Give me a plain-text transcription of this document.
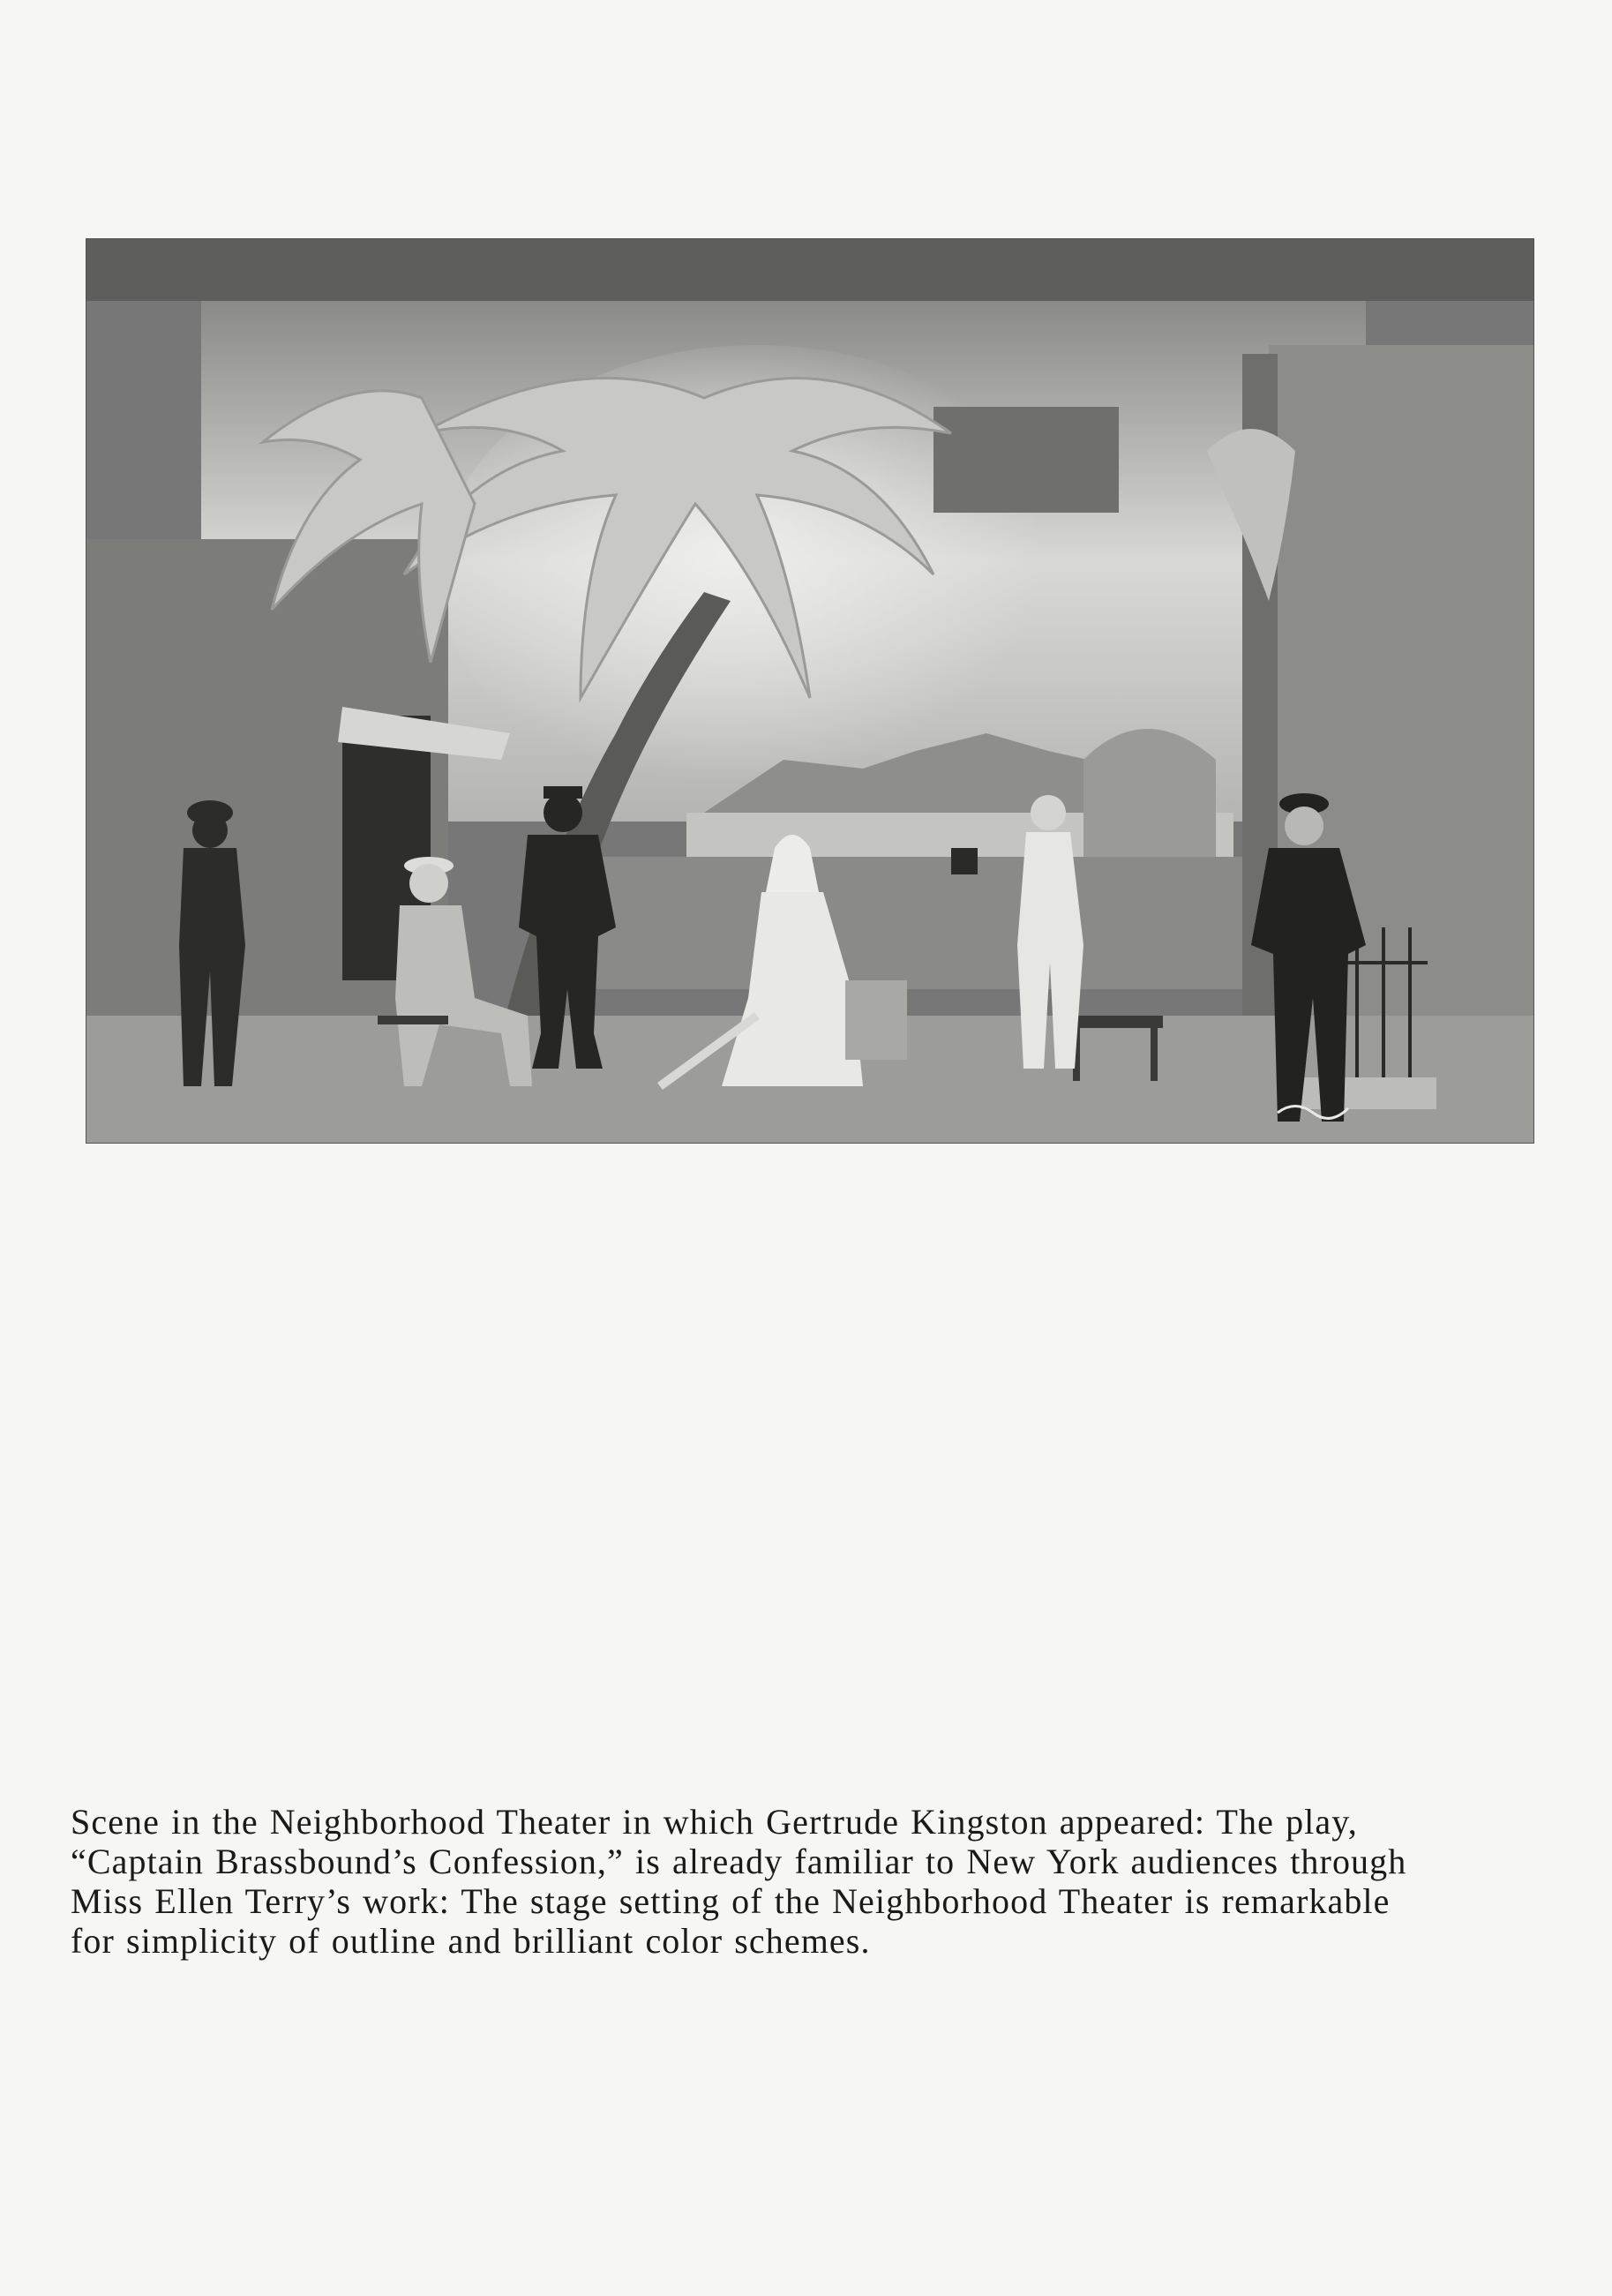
Scene in the Neighborhood Theater in which Gertrude Kingston appeared: The play,
“Captain Brassbound’s Confession,” is already familiar to New York audiences through
Miss Ellen Terry’s work: The stage setting of the Neighborhood Theater is remarkable
for simplicity of outline and brilliant color schemes.
